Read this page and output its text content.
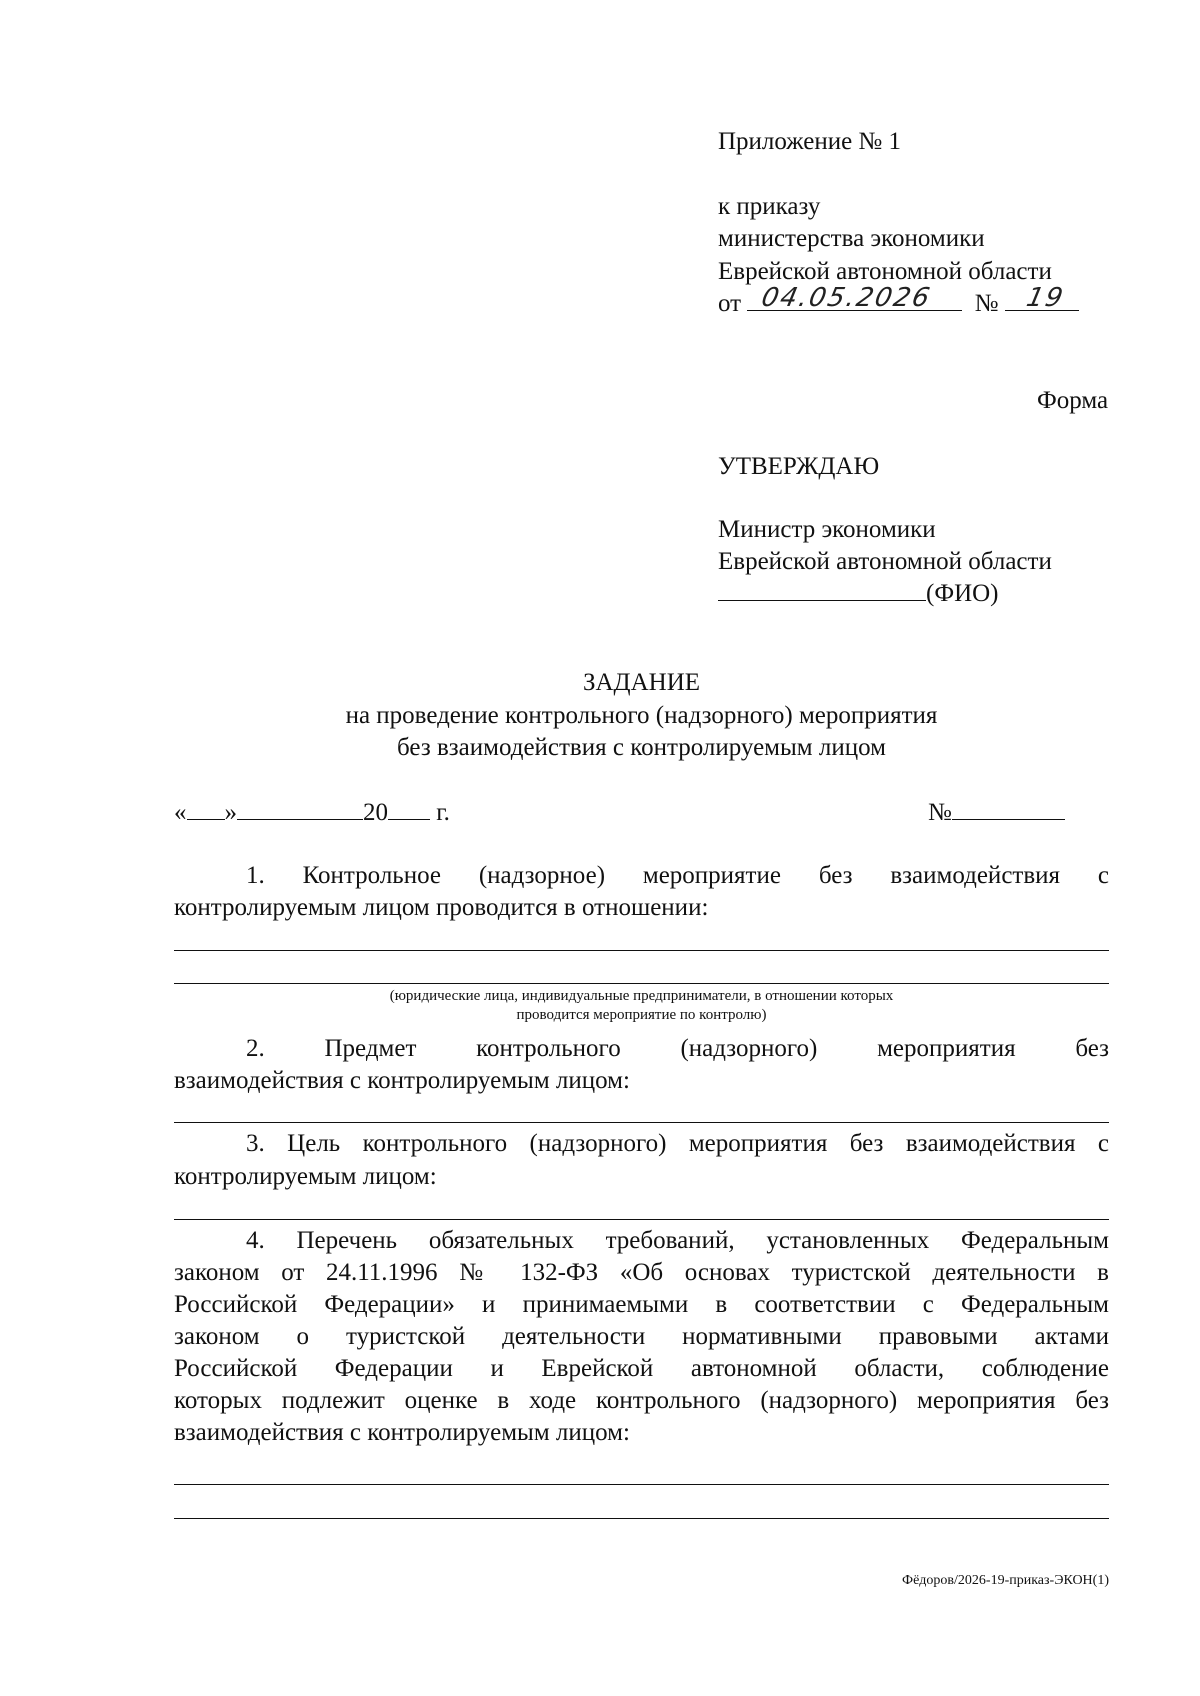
Приложение № 1
к приказу
министерства экономики
Еврейской автономной области
от	№
04.05.2026	19
Форма
УТВЕРЖДАЮ
Министр экономики
Еврейской автономной области
(ФИО)
ЗАДАНИЕ
на проведение контрольного (надзорного) мероприятия
без взаимодействия с контролируемым лицом
« »	20 г.	№
1. Контрольное (надзорное) мероприятие без взаимодействия с
контролируемым лицом проводится в отношении:
(юридические лица, индивидуальные предприниматели, в отношении которых
проводится мероприятие по контролю)
2. Предмет контрольного (надзорного) мероприятия без
взаимодействия с контролируемым лицом:
3. Цель контрольного (надзорного) мероприятия без взаимодействия с
контролируемым лицом:
4. Перечень обязательных требований, установленных Федеральным
законом от 24.11.1996 № 132-ФЗ «Об основах туристской деятельности в
Российской Федерации» и принимаемыми в соответствии с Федеральным
законом о туристской деятельности нормативными правовыми актами
Российской Федерации и Еврейской автономной области, соблюдение
которых подлежит оценке в ходе контрольного (надзорного) мероприятия без
взаимодействия с контролируемым лицом:
Фёдоров/2026-19-приказ-ЭКОН(1)
